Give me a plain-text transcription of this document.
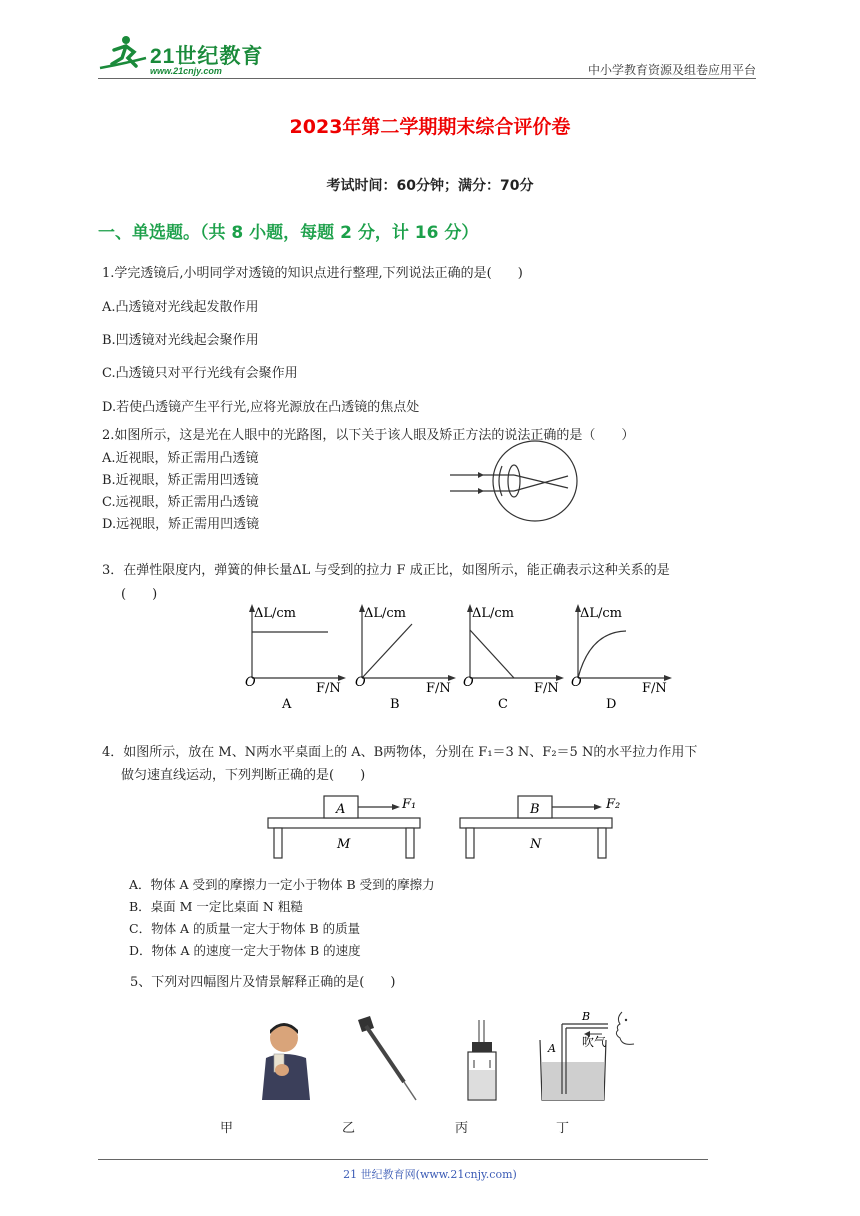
21世纪教育
www.21cnjy.com	中小学教育资源及组卷应用平台
2023年第二学期期末综合评价卷
考试时间：60分钟；满分：70分
一、单选题。（共 8 小题，每题 2 分，计 16 分）
1.学完透镜后,小明同学对透镜的知识点进行整理,下列说法正确的是(　　)
A.凸透镜对光线起发散作用
B.凹透镜对光线起会聚作用
C.凸透镜只对平行光线有会聚作用
D.若使凸透镜产生平行光,应将光源放在凸透镜的焦点处
2.如图所示，这是光在人眼中的光路图，以下关于该人眼及矫正方法的说法正确的是（　　）
A.近视眼，矫正需用凸透镜
B.近视眼，矫正需用凹透镜
C.远视眼，矫正需用凸透镜
D.远视眼，矫正需用凹透镜
3．在弹性限度内，弹簧的伸长量ΔL 与受到的拉力 F 成正比，如图所示，能正确表示这种关系的是
(　　)
ΔL/cm
O	F/N
A
ΔL/cm
O	F/N
B
ΔL/cm
O	F/N
C
ΔL/cm
O	F/N
D
4．如图所示，放在 M、N两水平桌面上的 A、B两物体，分别在 F₁＝3 N、F₂＝5 N的水平拉力作用下
做匀速直线运动，下列判断正确的是(　　)
A	F₁
M
B	F₂
N
A．物体 A 受到的摩擦力一定小于物体 B 受到的摩擦力
B．桌面 M 一定比桌面 N 粗糙
C．物体 A 的质量一定大于物体 B 的质量
D．物体 A 的速度一定大于物体 B 的速度
5、下列对四幅图片及情景解释正确的是(　　)
B
A 吹气
甲	乙	丙	丁
21 世纪教育网(www.21cnjy.com)
